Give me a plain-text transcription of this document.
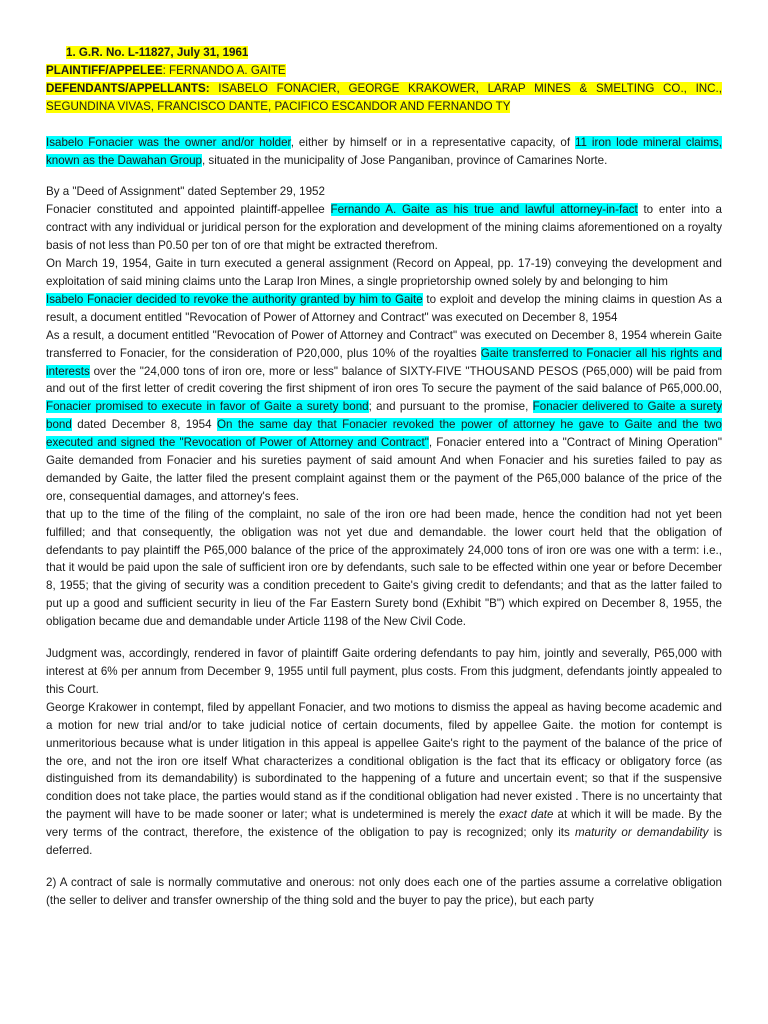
1. G.R. No. L-11827, July 31, 1961

PLAINTIFF/APPELEE: FERNANDO A. GAITE

DEFENDANTS/APPELLANTS: ISABELO FONACIER, GEORGE KRAKOWER, LARAP MINES & SMELTING CO., INC., SEGUNDINA VIVAS, FRANCISCO DANTE, PACIFICO ESCANDOR AND FERNANDO TY

Isabelo Fonacier was the owner and/or holder, either by himself or in a representative capacity, of 11 iron lode mineral claims, known as the Dawahan Group, situated in the municipality of Jose Panganiban, province of Camarines Norte.

By a "Deed of Assignment" dated September 29, 1952

Fonacier constituted and appointed plaintiff-appellee Fernando A. Gaite as his true and lawful attorney-in-fact to enter into a contract with any individual or juridical person for the exploration and development of the mining claims aforementioned on a royalty basis of not less than P0.50 per ton of ore that might be extracted therefrom.

On March 19, 1954, Gaite in turn executed a general assignment (Record on Appeal, pp. 17-19) conveying the development and exploitation of said mining claims unto the Larap Iron Mines, a single proprietorship owned solely by and belonging to him

Isabelo Fonacier decided to revoke the authority granted by him to Gaite to exploit and develop the mining claims in question As a result, a document entitled "Revocation of Power of Attorney and Contract" was executed on December 8, 1954

As a result, a document entitled "Revocation of Power of Attorney and Contract" was executed on December 8, 1954 wherein Gaite transferred to Fonacier, for the consideration of P20,000, plus 10% of the royalties Gaite transferred to Fonacier all his rights and interests over the "24,000 tons of iron ore, more or less" balance of SIXTY-FIVE "THOUSAND PESOS (P65,000) will be paid from and out of the first letter of credit covering the first shipment of iron ores To secure the payment of the said balance of P65,000.00, Fonacier promised to execute in favor of Gaite a surety bond; and pursuant to the promise, Fonacier delivered to Gaite a surety bond dated December 8, 1954 On the same day that Fonacier revoked the power of attorney he gave to Gaite and the two executed and signed the "Revocation of Power of Attorney and Contract", Fonacier entered into a "Contract of Mining Operation" Gaite demanded from Fonacier and his sureties payment of said amount And when Fonacier and his sureties failed to pay as demanded by Gaite, the latter filed the present complaint against them or the payment of the P65,000 balance of the price of the ore, consequential damages, and attorney's fees.

that up to the time of the filing of the complaint, no sale of the iron ore had been made, hence the condition had not yet been fulfilled; and that consequently, the obligation was not yet due and demandable. the lower court held that the obligation of defendants to pay plaintiff the P65,000 balance of the price of the approximately 24,000 tons of iron ore was one with a term: i.e., that it would be paid upon the sale of sufficient iron ore by defendants, such sale to be effected within one year or before December 8, 1955; that the giving of security was a condition precedent to Gaite's giving credit to defendants; and that as the latter failed to put up a good and sufficient security in lieu of the Far Eastern Surety bond (Exhibit "B") which expired on December 8, 1955, the obligation became due and demandable under Article 1198 of the New Civil Code.

Judgment was, accordingly, rendered in favor of plaintiff Gaite ordering defendants to pay him, jointly and severally, P65,000 with interest at 6% per annum from December 9, 1955 until full payment, plus costs. From this judgment, defendants jointly appealed to this Court.

George Krakower in contempt, filed by appellant Fonacier, and two motions to dismiss the appeal as having become academic and a motion for new trial and/or to take judicial notice of certain documents, filed by appellee Gaite. the motion for contempt is unmeritorious because what is under litigation in this appeal is appellee Gaite's right to the payment of the balance of the price of the ore, and not the iron ore itself What characterizes a conditional obligation is the fact that its efficacy or obligatory force (as distinguished from its demandability) is subordinated to the happening of a future and uncertain event; so that if the suspensive condition does not take place, the parties would stand as if the conditional obligation had never existed . There is no uncertainty that the payment will have to be made sooner or later; what is undetermined is merely the exact date at which it will be made. By the very terms of the contract, therefore, the existence of the obligation to pay is recognized; only its maturity or demandability is deferred.

2) A contract of sale is normally commutative and onerous: not only does each one of the parties assume a correlative obligation (the seller to deliver and transfer ownership of the thing sold and the buyer to pay the price), but each party
